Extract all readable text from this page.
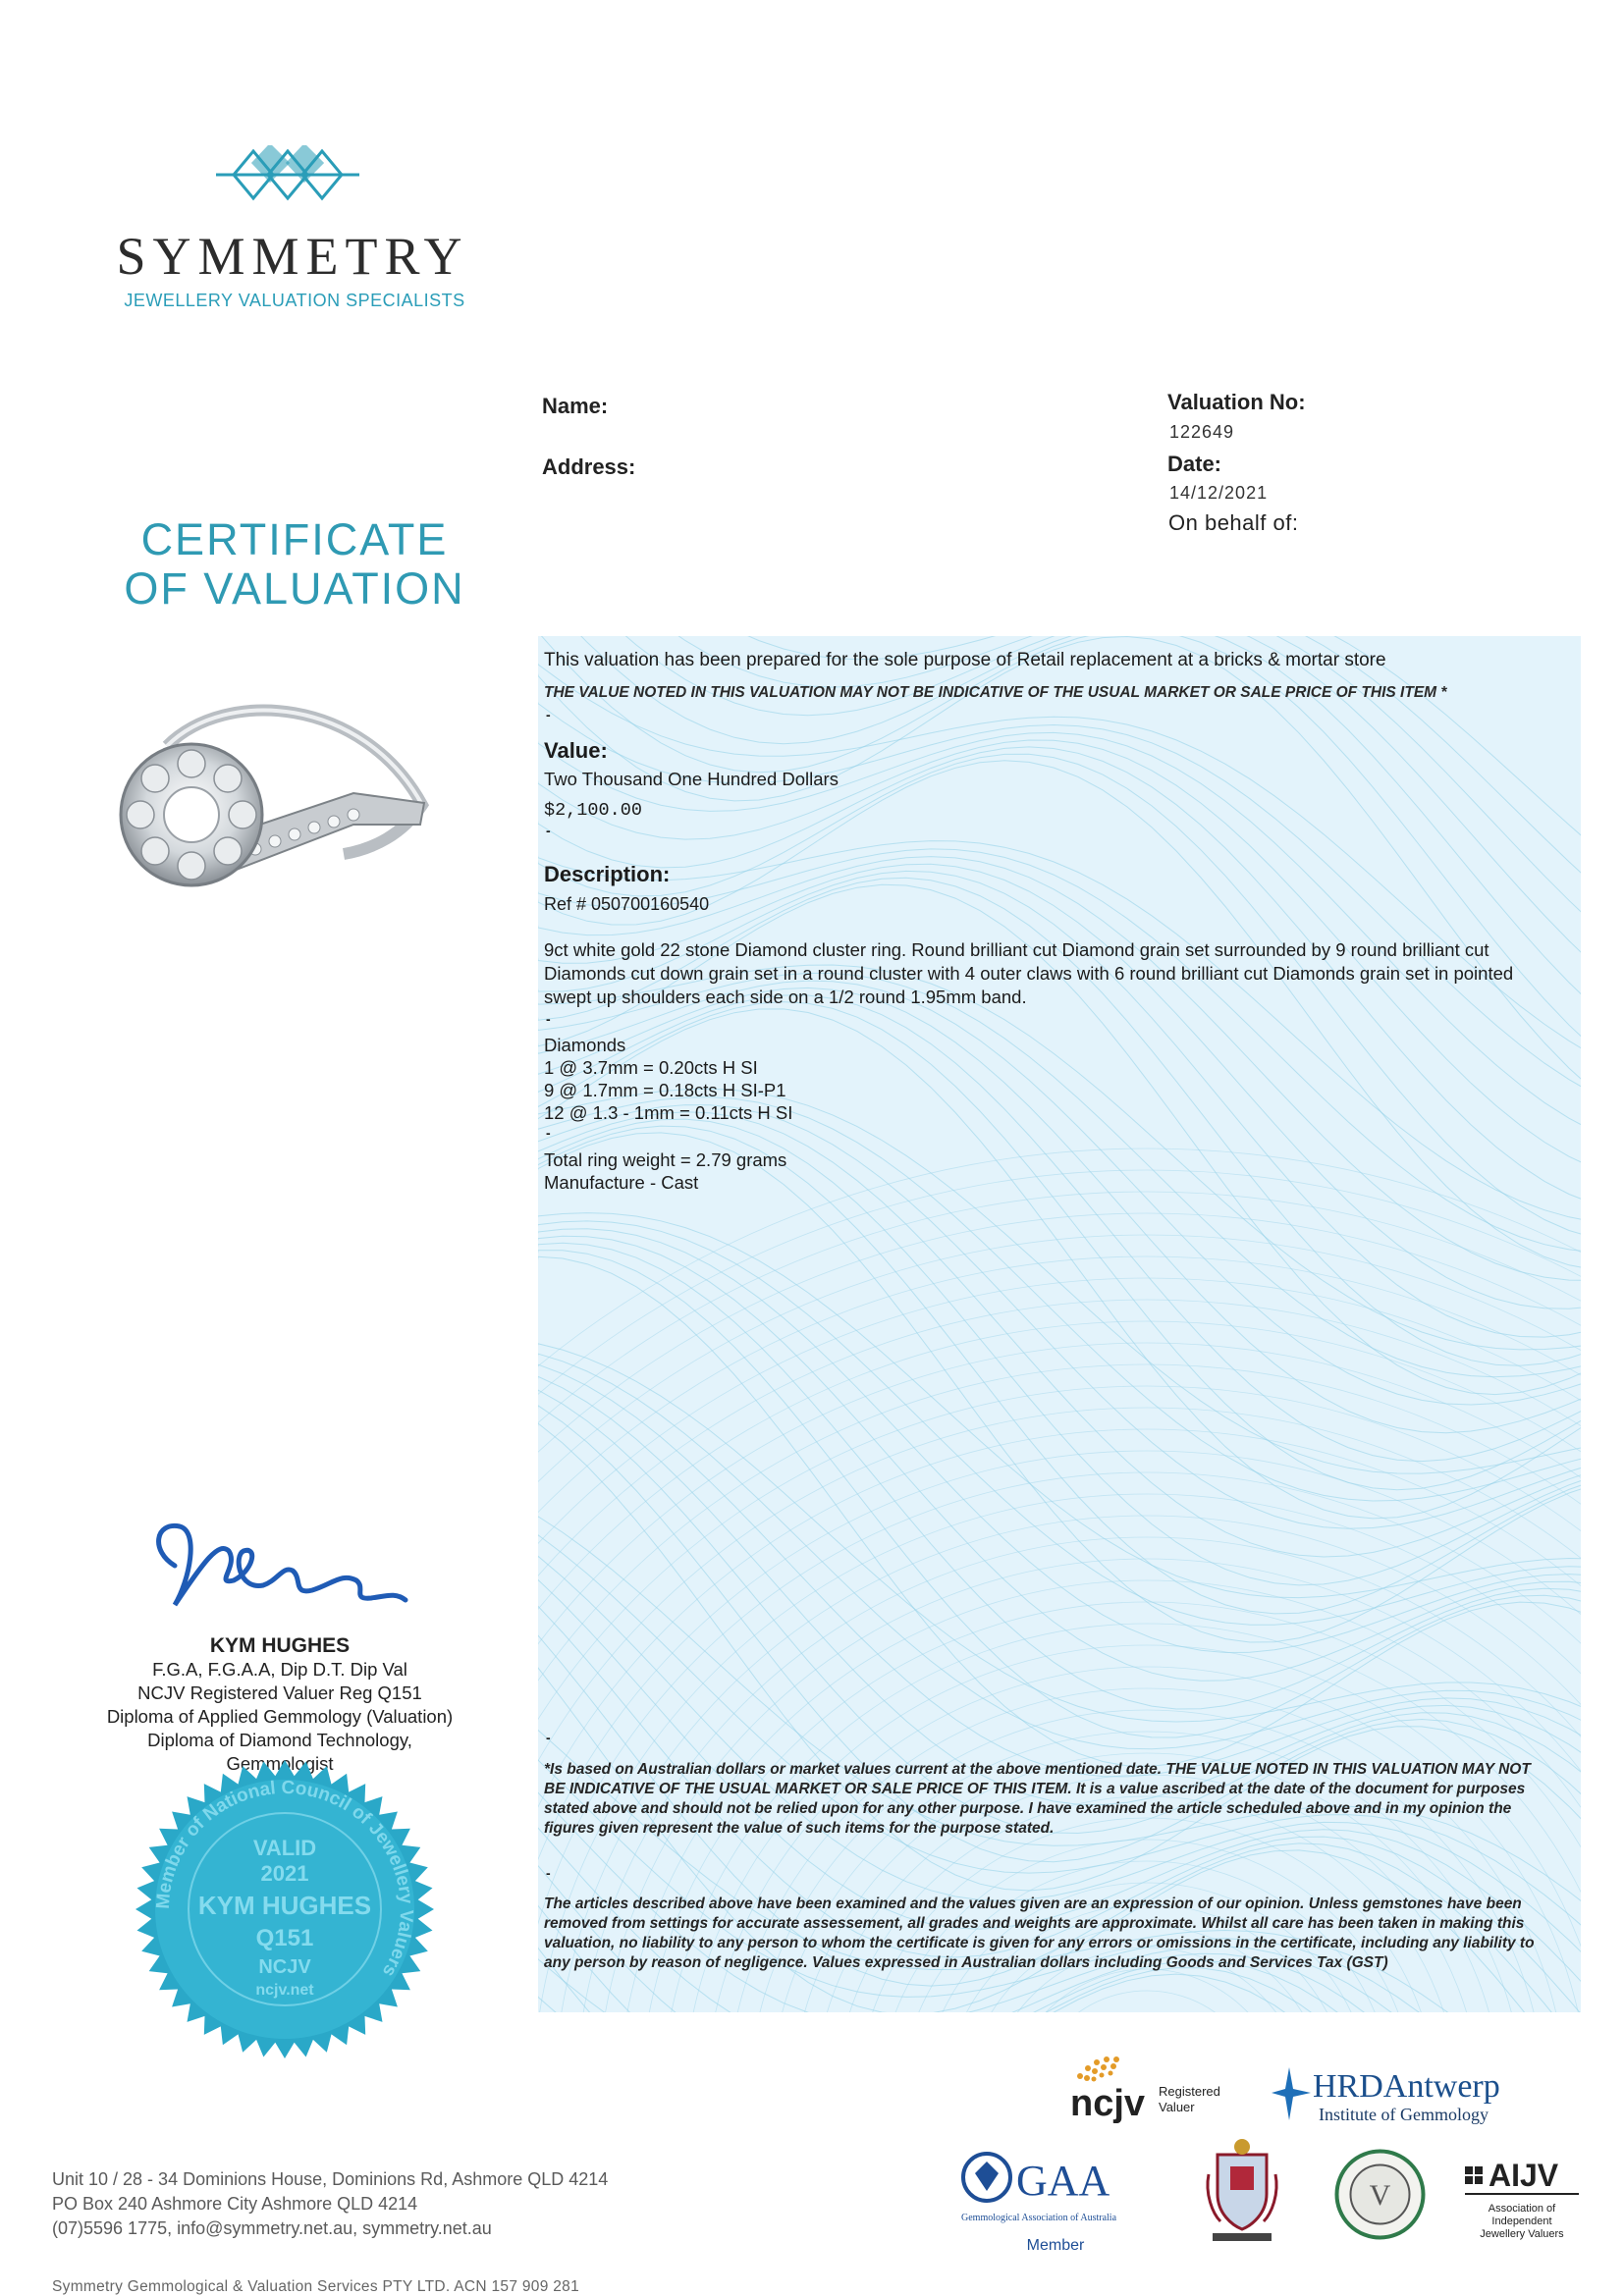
SYMMETRY
JEWELLERY VALUATION SPECIALISTS
CERTIFICATE
OF VALUATION
KYM HUGHES
F.G.A, F.G.A.A, Dip D.T. Dip Val
NCJV Registered Valuer Reg Q151
Diploma of Applied Gemmology (Valuation)
Diploma of Diamond Technology,
Gemmologist
Member of National Council of Jewellery Valuers
VALID
2021
KYM HUGHES
Q151
NCJV
ncjv.net
Unit 10 / 28 - 34 Dominions House, Dominions Rd, Ashmore QLD 4214
PO Box 240 Ashmore City Ashmore QLD 4214
(07)5596 1775, info@symmetry.net.au, symmetry.net.au
Symmetry Gemmological & Valuation Services PTY LTD. ACN 157 909 281
Name:
Address:
Valuation No:
122649
Date:
14/12/2021
On behalf of:
This valuation has been prepared for the sole purpose of Retail replacement at a bricks & mortar store
THE VALUE NOTED IN THIS VALUATION MAY NOT BE INDICATIVE OF THE USUAL MARKET OR SALE PRICE OF THIS ITEM *
-
Value:
Two Thousand One Hundred Dollars
$2,100.00
-
Description:
Ref # 050700160540
9ct white gold 22 stone Diamond cluster ring. Round brilliant cut Diamond grain set surrounded by 9 round brilliant cut Diamonds cut down grain set in a round cluster with 4 outer claws with 6 round brilliant cut Diamonds grain set in pointed swept up shoulders each side on a 1/2 round 1.95mm band.
-
Diamonds
1 @ 3.7mm = 0.20cts H SI
9 @ 1.7mm = 0.18cts H SI-P1
12 @ 1.3 - 1mm = 0.11cts H SI
-
Total ring weight = 2.79 grams
Manufacture - Cast
-
*Is based on Australian dollars or market values current at the above mentioned date. THE VALUE NOTED IN THIS VALUATION MAY NOT BE INDICATIVE OF THE USUAL MARKET OR SALE PRICE OF THIS ITEM. It is a value ascribed at the date of the document for purposes stated above and should not be relied upon for any other purpose. I have examined the article scheduled above and in my opinion the figures given represent the value of such items for the purpose stated.
-
The articles described above have been examined and the values given are an expression of our opinion. Unless gemstones have been removed from settings for accurate assessement, all grades and weights are approximate. Whilst all care has been taken in making this valuation, no liability to any person to whom the certificate is given for any errors or omissions in the certificate, including any liability to any person by reason of negligence. Values expressed in Australian dollars including Goods and Services Tax (GST)
ncjv Registered
Valuer
HRDAntwerp
Institute of Gemmology
GAA
Gemmological Association of Australia
Member
V
AIJV
Association of
Independent
Jewellery Valuers
